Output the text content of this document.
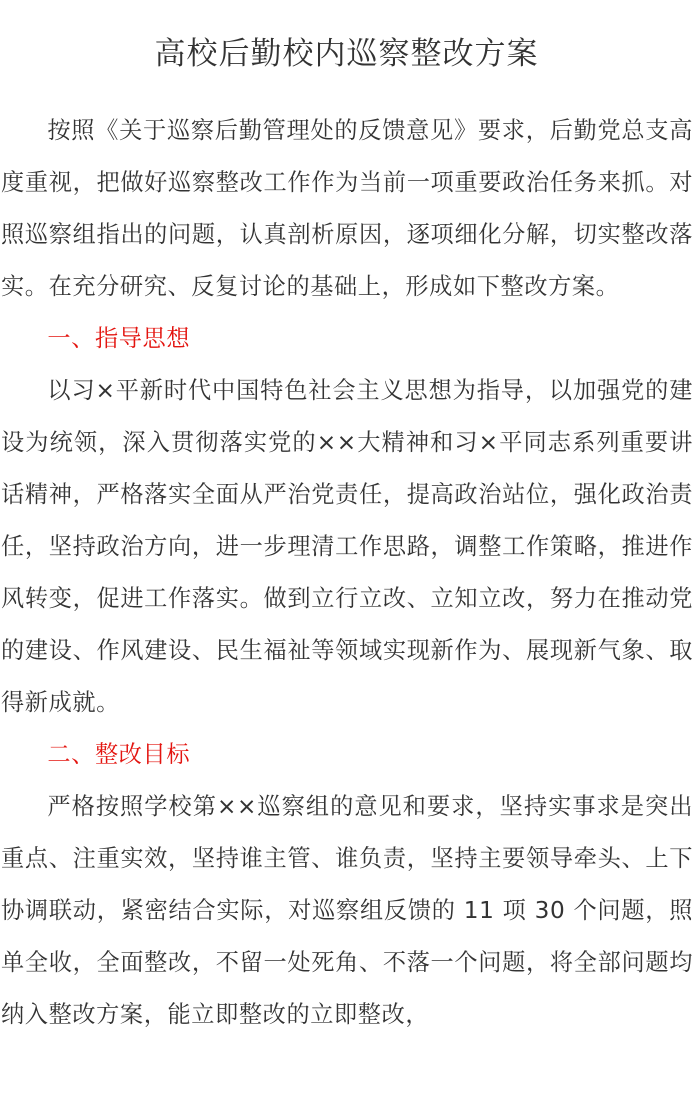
高校后勤校内巡察整改方案

按照《关于巡察后勤管理处的反馈意见》要求，后勤党总支高度重视，把做好巡察整改工作作为当前一项重要政治任务来抓。对照巡察组指出的问题，认真剖析原因，逐项细化分解，切实整改落实。在充分研究、反复讨论的基础上，形成如下整改方案。

一、指导思想

以习×平新时代中国特色社会主义思想为指导，以加强党的建设为统领，深入贯彻落实党的××大精神和习×平同志系列重要讲话精神，严格落实全面从严治党责任，提高政治站位，强化政治责任，坚持政治方向，进一步理清工作思路，调整工作策略，推进作风转变，促进工作落实。做到立行立改、立知立改，努力在推动党的建设、作风建设、民生福祉等领域实现新作为、展现新气象、取得新成就。

二、整改目标

严格按照学校第××巡察组的意见和要求，坚持实事求是突出重点、注重实效，坚持谁主管、谁负责，坚持主要领导牵头、上下协调联动，紧密结合实际，对巡察组反馈的 11 项 30 个问题，照单全收，全面整改，不留一处死角、不落一个问题，将全部问题均纳入整改方案，能立即整改的立即整改，
